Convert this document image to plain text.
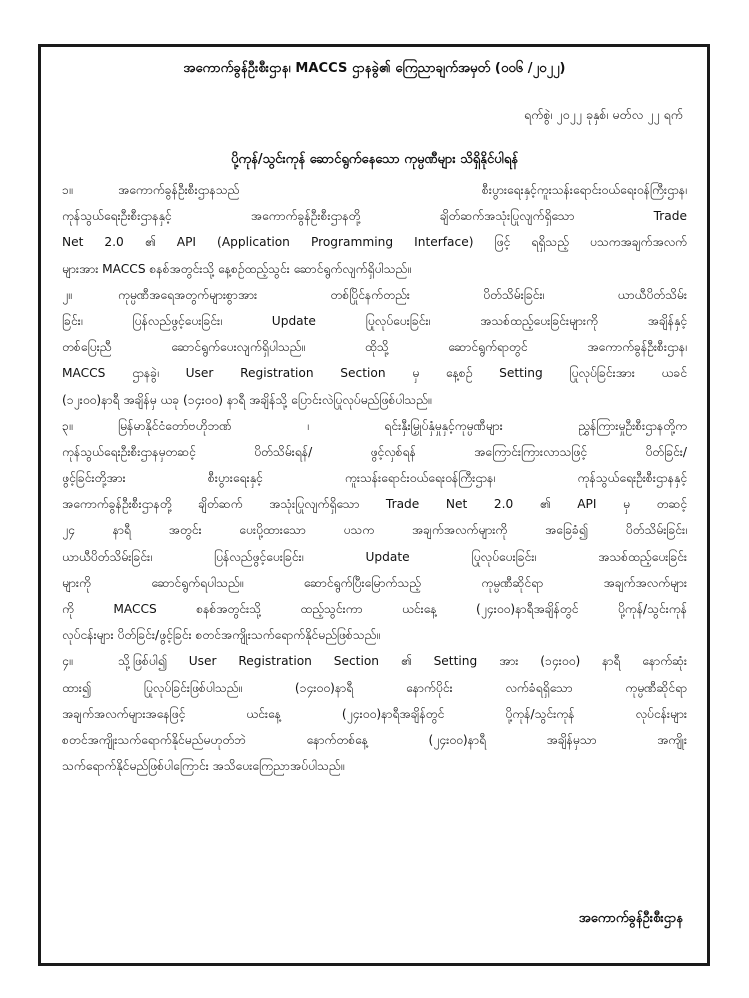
အကောက်ခွန်ဦးစီးဌာန၊ MACCS ဌာနခွဲ၏ ကြေညာချက်အမှတ် (၀၀၆ /၂၀၂၂)
ရက်စွဲ၊ ၂၀၂၂ ခုနှစ်၊ မတ်လ ၂၂ ရက်
ပို့ကုန်/သွင်းကုန် ဆောင်ရွက်နေသော ကုမ္ပဏီများ သိရှိနိုင်ပါရန်
၁။	အကောက်ခွန်ဦးစီးဌာနသည် စီးပွားရေးနှင့်ကူးသန်းရောင်းဝယ်ရေးဝန်ကြီးဌာန၊
ကုန်သွယ်ရေးဦးစီးဌာနနှင့် အကောက်ခွန်ဦးစီးဌာနတို့ ချိတ်ဆက်အသုံးပြုလျက်ရှိသော Trade
Net 2.0 ၏ API (Application Programming Interface) ဖြင့် ရရှိသည့် ပသကအချက်အလက်
များအား MACCS စနစ်အတွင်းသို့ နေ့စဉ်ထည့်သွင်း ဆောင်ရွက်လျက်ရှိပါသည်။
၂။	ကုမ္ပဏီအရေအတွက်များစွာအား တစ်ပြိုင်နက်တည်း ပိတ်သိမ်းခြင်း၊ ယာယီပိတ်သိမ်း
ခြင်း၊ ပြန်လည်ဖွင့်ပေးခြင်း၊ Update ပြုလုပ်ပေးခြင်း၊ အသစ်ထည့်ပေးခြင်းများကို အချိန်နှင့်
တစ်ပြေးညီ ဆောင်ရွက်ပေးလျက်ရှိပါသည်။ ထိုသို့ ဆောင်ရွက်ရာတွင် အကောက်ခွန်ဦးစီးဌာန၊
MACCS ဌာနခွဲ၊ User Registration Section မှ နေ့စဉ် Setting ပြုလုပ်ခြင်းအား ယခင်
(၁၂း၀၀)နာရီ အချိန်မှ ယခု (၁၄း၀၀) နာရီ အချိန်သို့ ပြောင်းလဲပြုလုပ်မည်ဖြစ်ပါသည်။
၃။	မြန်မာနိုင်ငံတော်ဗဟိုဘဏ် ၊ ရင်းနှီးမြှုပ်နှံမှုနှင့်ကုမ္ပဏီများ ညွှန်ကြားမှုဦးစီးဌာနတို့က
ကုန်သွယ်ရေးဦးစီးဌာနမှတဆင့် ပိတ်သိမ်းရန်/ ဖွင့်လှစ်ရန် အကြောင်းကြားလာသဖြင့် ပိတ်ခြင်း/
ဖွင့်ခြင်းတို့အား စီးပွားရေးနှင့် ကူးသန်းရောင်းဝယ်ရေးဝန်ကြီးဌာန၊ ကုန်သွယ်ရေးဦးစီးဌာနနှင့်
အကောက်ခွန်ဦးစီးဌာနတို့ ချိတ်ဆက် အသုံးပြုလျက်ရှိသော Trade Net 2.0 ၏ API မှ တဆင့်
၂၄ နာရီ အတွင်း ပေးပို့ထားသော ပသက အချက်အလက်များကို အခြေခံ၍ ပိတ်သိမ်းခြင်း၊
ယာယီပိတ်သိမ်းခြင်း၊ ပြန်လည်ဖွင့်ပေးခြင်း၊ Update ပြုလုပ်ပေးခြင်း၊ အသစ်ထည့်ပေးခြင်း
များကို ဆောင်ရွက်ရပါသည်။ ဆောင်ရွက်ပြီးမြောက်သည့် ကုမ္ပဏီဆိုင်ရာ အချက်အလက်များ
ကို MACCS စနစ်အတွင်းသို့ ထည့်သွင်းကာ ယင်းနေ့ (၂၄း၀၀)နာရီအချိန်တွင် ပို့ကုန်/သွင်းကုန်
လုပ်ငန်းများ ပိတ်ခြင်း/ဖွင့်ခြင်း စတင်အကျိုးသက်ရောက်နိုင်မည်ဖြစ်သည်။
၄။	သို့ဖြစ်ပါ၍ User Registration Section ၏ Setting အား (၁၄း၀၀) နာရီ နောက်ဆုံး
ထား၍ ပြုလုပ်ခြင်းဖြစ်ပါသည်။ (၁၄း၀၀)နာရီ နောက်ပိုင်း လက်ခံရရှိသော ကုမ္ပဏီဆိုင်ရာ
အချက်အလက်များအနေဖြင့် ယင်းနေ့ (၂၄း၀၀)နာရီအချိန်တွင် ပို့ကုန်/သွင်းကုန် လုပ်ငန်းများ
စတင်အကျိုးသက်ရောက်နိုင်မည်မဟုတ်ဘဲ နောက်တစ်နေ့ (၂၄း၀၀)နာရီ အချိန်မှသာ အကျိုး
သက်ရောက်နိုင်မည်ဖြစ်ပါကြောင်း အသိပေးကြေညာအပ်ပါသည်။
အကောက်ခွန်ဦးစီးဌာန
